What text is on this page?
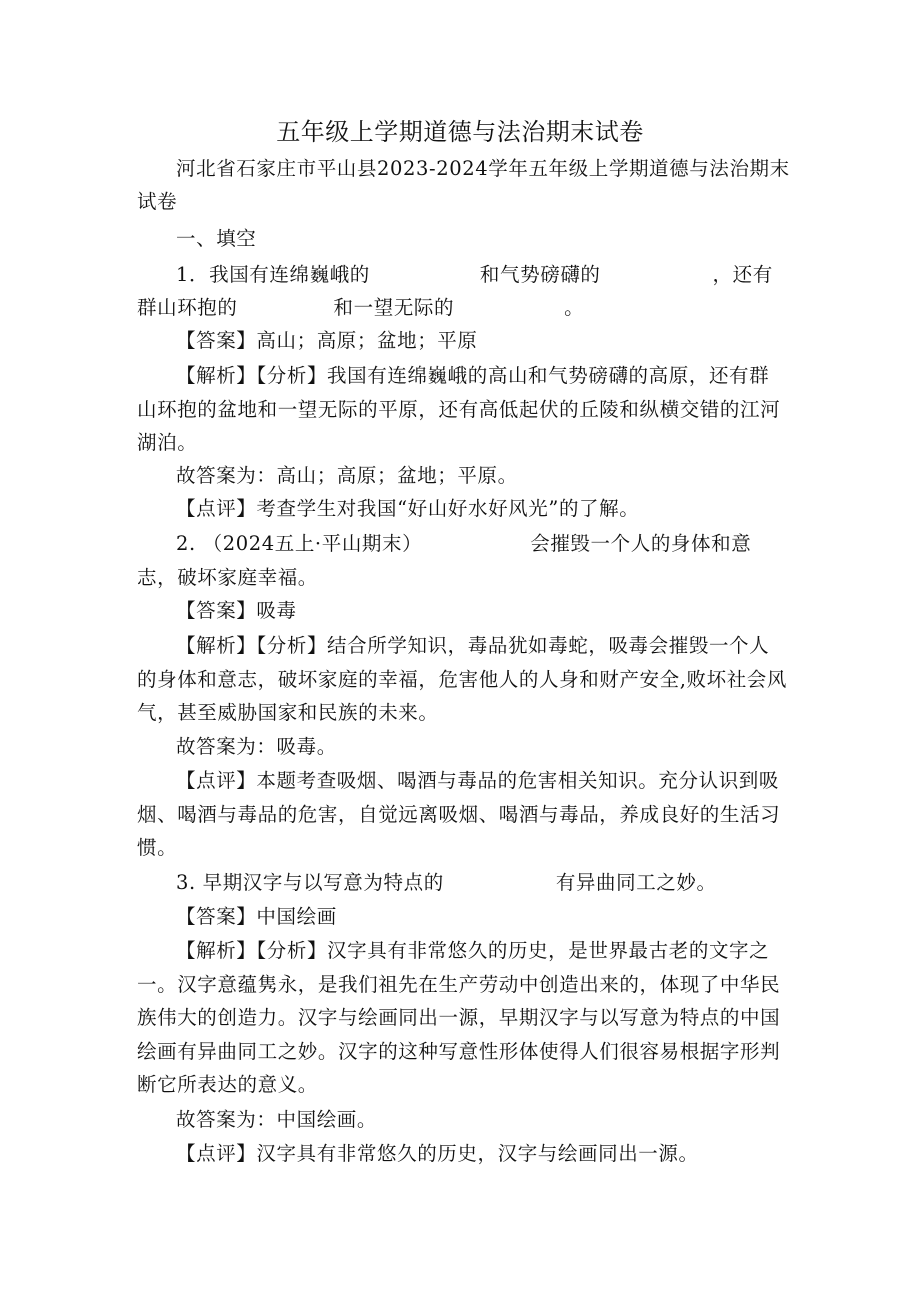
五年级上学期道德与法治期末试卷
河北省石家庄市平山县2023-2024学年五年级上学期道德与法治期末
试卷
一、填空
1．我国有连绵巍峨的	和气势磅礴的	，还有
群山环抱的	和一望无际的	。
【答案】高山；高原；盆地；平原
【解析】【分析】我国有连绵巍峨的高山和气势磅礴的高原，还有群
山环抱的盆地和一望无际的平原，还有高低起伏的丘陵和纵横交错的江河
湖泊。
故答案为：高山；高原；盆地；平原。
【点评】考查学生对我国“好山好水好风光”的了解。
2. （2024五上·平山期末）	会摧毁一个人的身体和意
志，破坏家庭幸福。
【答案】吸毒
【解析】【分析】结合所学知识，毒品犹如毒蛇，吸毒会摧毁一个人
的身体和意志，破坏家庭的幸福，危害他人的人身和财产安全,败坏社会风
气，甚至威胁国家和民族的未来。
故答案为：吸毒。
【点评】本题考查吸烟、喝酒与毒品的危害相关知识。充分认识到吸
烟、喝酒与毒品的危害，自觉远离吸烟、喝酒与毒品，养成良好的生活习
惯。
3. 早期汉字与以写意为特点的	有异曲同工之妙。
【答案】中国绘画
【解析】【分析】汉字具有非常悠久的历史，是世界最古老的文字之
一。汉字意蕴隽永，是我们祖先在生产劳动中创造出来的，体现了中华民
族伟大的创造力。汉字与绘画同出一源，早期汉字与以写意为特点的中国
绘画有异曲同工之妙。汉字的这种写意性形体使得人们很容易根据字形判
断它所表达的意义。
故答案为：中国绘画。
【点评】汉字具有非常悠久的历史，汉字与绘画同出一源。
